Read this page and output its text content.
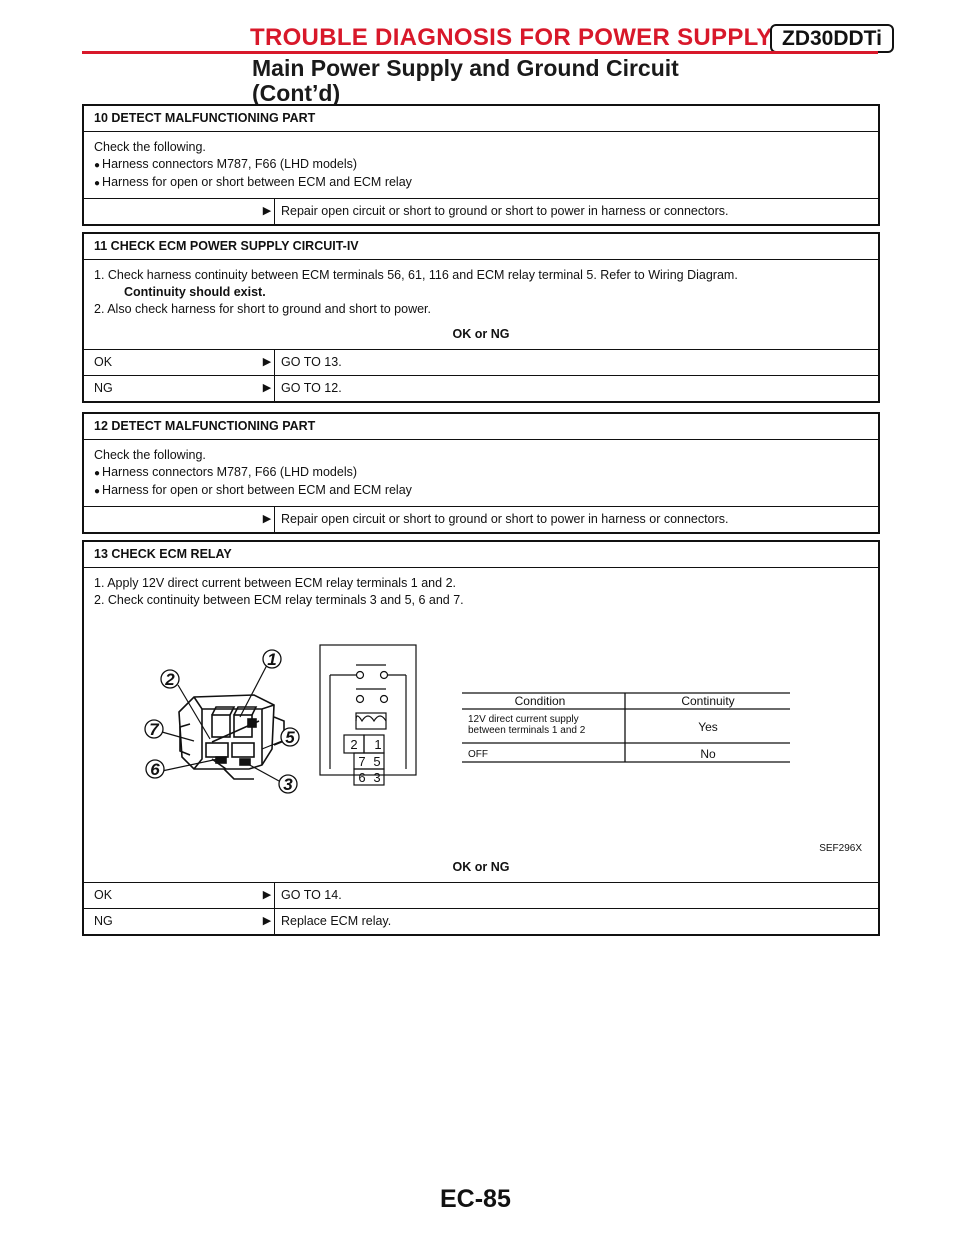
TROUBLE DIAGNOSIS FOR POWER SUPPLY ZD30DDTi
Main Power Supply and Ground Circuit
(Cont’d)
10 DETECT MALFUNCTIONING PART
Check the following.
● Harness connectors M787, F66 (LHD models)
● Harness for open or short between ECM and ECM relay
▶ Repair open circuit or short to ground or short to power in harness or connectors.
11 CHECK ECM POWER SUPPLY CIRCUIT-IV
1. Check harness continuity between ECM terminals 56, 61, 116 and ECM relay terminal 5. Refer to Wiring Diagram.
Continuity should exist.
2. Also check harness for short to ground and short to power.
OK or NG
OK	▶ GO TO 13.
NG	▶ GO TO 12.
12 DETECT MALFUNCTIONING PART
Check the following.
● Harness connectors M787, F66 (LHD models)
● Harness for open or short between ECM and ECM relay
▶ Repair open circuit or short to ground or short to power in harness or connectors.
13 CHECK ECM RELAY
1. Apply 12V direct current between ECM relay terminals 1 and 2.
2. Check continuity between ECM relay terminals 3 and 5, 6 and 7.
1
2
7	5
6
3
2 1
7 5
6 3
Condition	Continuity
12V direct current supply
between terminals 1 and 2	Yes
OFF	No
SEF296X
OK or NG
OK	▶ GO TO 14.
NG	▶ Replace ECM relay.
EC-85
